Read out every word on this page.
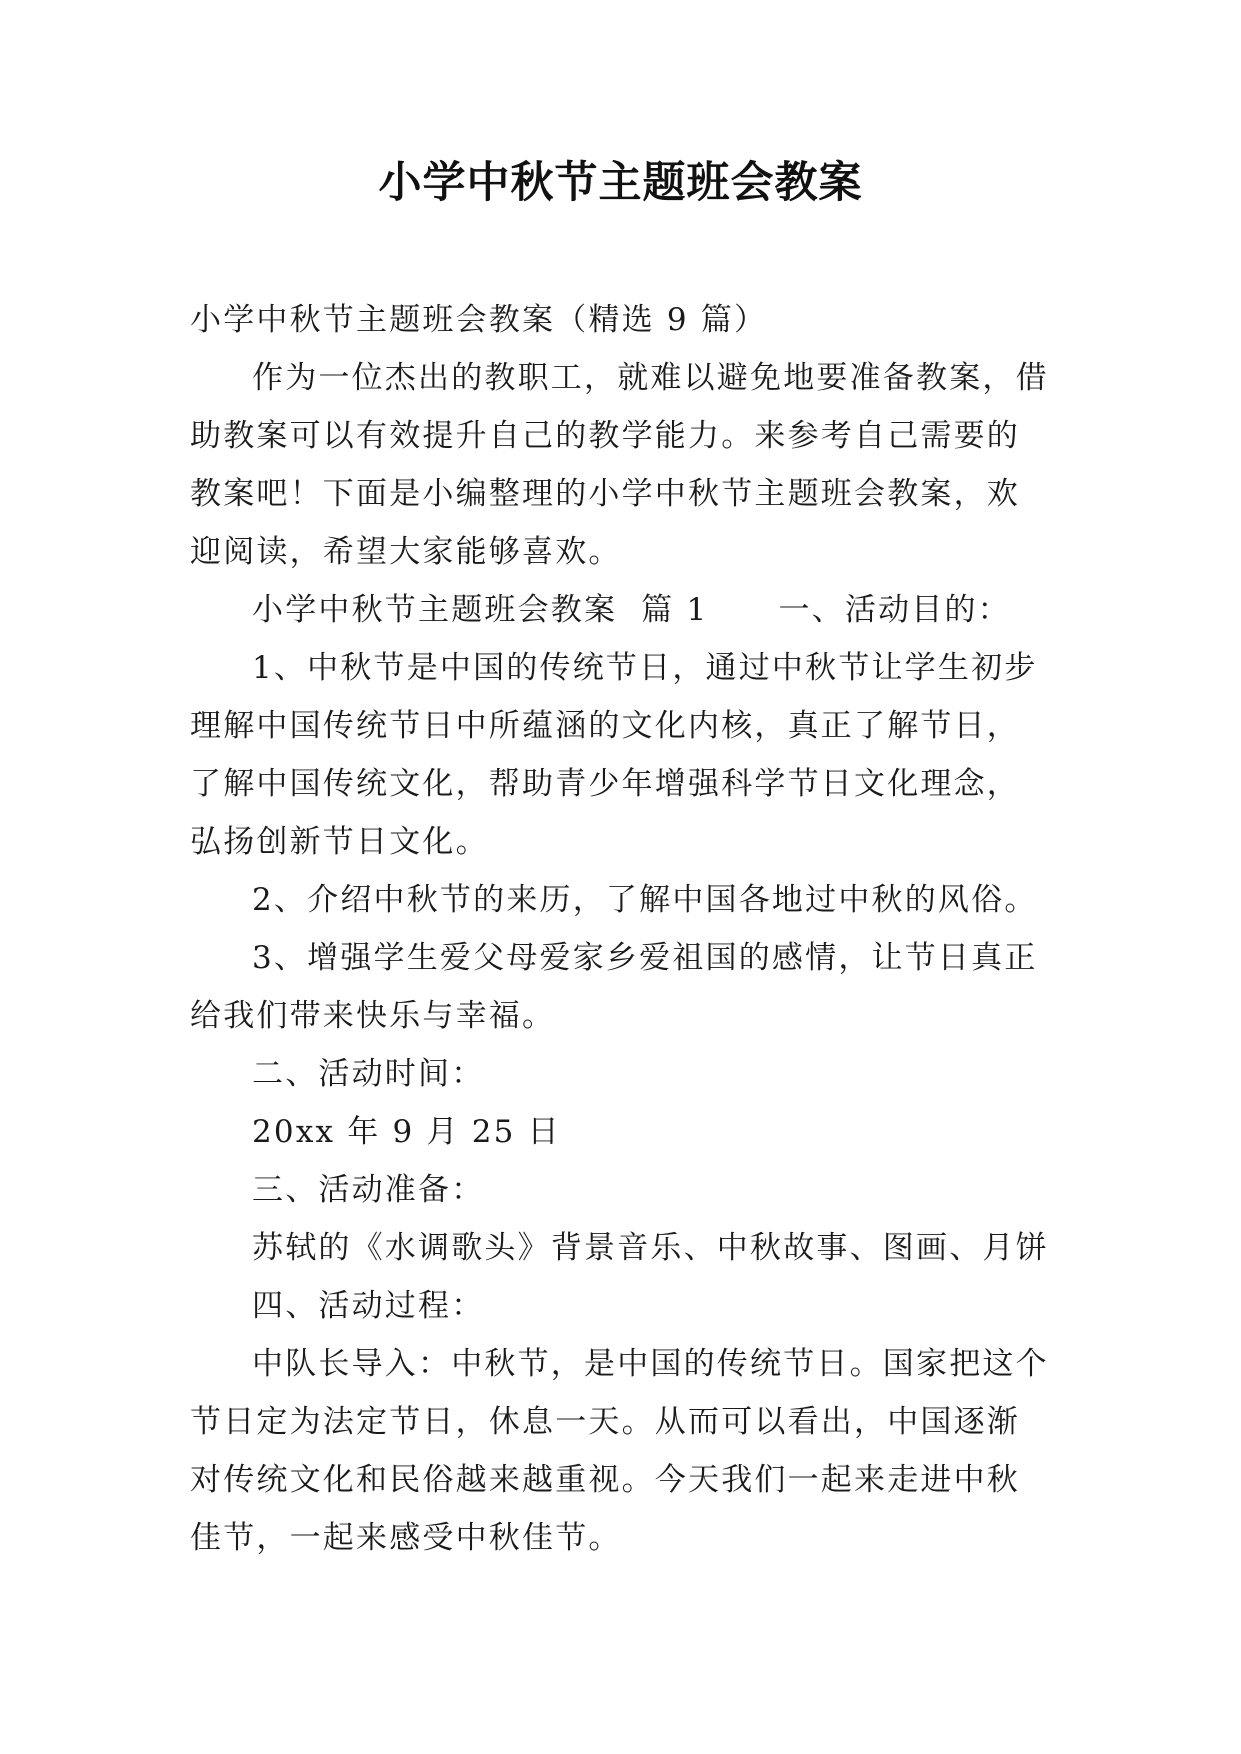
小学中秋节主题班会教案

小学中秋节主题班会教案（精选 9 篇）

作为一位杰出的教职工，就难以避免地要准备教案，借助教案可以有效提升自己的教学能力。来参考自己需要的教案吧！下面是小编整理的小学中秋节主题班会教案，欢迎阅读，希望大家能够喜欢。

小学中秋节主题班会教案  篇 1 一、活动目的：

1、中秋节是中国的传统节日，通过中秋节让学生初步理解中国传统节日中所蕴涵的文化内核，真正了解节日，了解中国传统文化，帮助青少年增强科学节日文化理念，弘扬创新节日文化。

2、介绍中秋节的来历，了解中国各地过中秋的风俗。

3、增强学生爱父母爱家乡爱祖国的感情，让节日真正给我们带来快乐与幸福。

二、活动时间：

20xx 年 9 月 25 日

三、活动准备：

苏轼的《水调歌头》背景音乐、中秋故事、图画、月饼

四、活动过程：

中队长导入：中秋节，是中国的传统节日。国家把这个节日定为法定节日，休息一天。从而可以看出，中国逐渐对传统文化和民俗越来越重视。今天我们一起来走进中秋佳节，一起来感受中秋佳节。
